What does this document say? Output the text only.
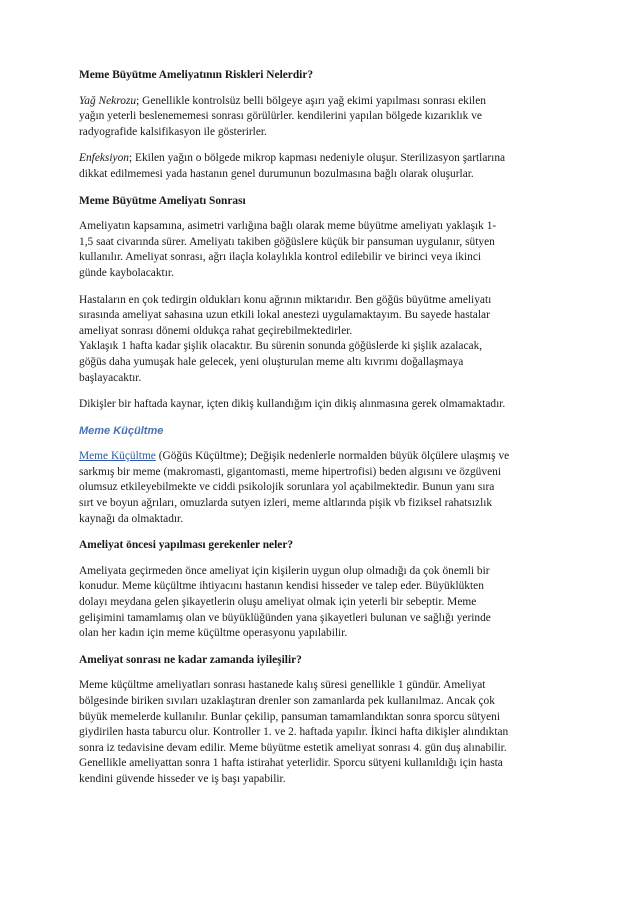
Meme Büyütme Ameliyatının Riskleri Nelerdir?
Yağ Nekrozu; Genellikle kontrolsüz belli bölgeye aşırı yağ ekimi yapılması sonrası ekilen
yağın yeterli beslenememesi sonrası görülürler. kendilerini yapılan bölgede kızarıklık ve
radyografide kalsifikasyon ile gösterirler.
Enfeksiyon; Ekilen yağın o bölgede mikrop kapması nedeniyle oluşur. Sterilizasyon şartlarına
dikkat edilmemesi yada hastanın genel durumunun bozulmasına bağlı olarak oluşurlar.
Meme Büyütme Ameliyatı Sonrası
Ameliyatın kapsamına, asimetri varlığına bağlı olarak meme büyütme ameliyatı yaklaşık 1-
1,5 saat civarında sürer. Ameliyatı takiben göğüslere küçük bir pansuman uygulanır, sütyen
kullanılır. Ameliyat sonrası, ağrı ilaçla kolaylıkla kontrol edilebilir ve birinci veya ikinci
günde kaybolacaktır.
Hastaların en çok tedirgin oldukları konu ağrının miktarıdır. Ben göğüs büyütme ameliyatı
sırasında ameliyat sahasına uzun etkili lokal anestezi uygulamaktayım. Bu sayede hastalar
ameliyat sonrası dönemi oldukça rahat geçirebilmektedirler.
Yaklaşık 1 hafta kadar şişlik olacaktır. Bu sürenin sonunda göğüslerde ki şişlik azalacak,
göğüs daha yumuşak hale gelecek, yeni oluşturulan meme altı kıvrımı doğallaşmaya
başlayacaktır.
Dikişler bir haftada kaynar, içten dikiş kullandığım için dikiş alınmasına gerek olmamaktadır.
Meme Küçültme
Meme Küçültme (Göğüs Küçültme); Değişik nedenlerle normalden büyük ölçülere ulaşmış ve
sarkmış bir meme (makromasti, gigantomasti, meme hipertrofisi) beden algısını ve özgüveni
olumsuz etkileyebilmekte ve ciddi psikolojik sorunlara yol açabilmektedir. Bunun yanı sıra
sırt ve boyun ağrıları, omuzlarda sutyen izleri, meme altlarında pişik vb fiziksel rahatsızlık
kaynağı da olmaktadır.
Ameliyat öncesi yapılması gerekenler neler?
Ameliyata geçirmeden önce ameliyat için kişilerin uygun olup olmadığı da çok önemli bir
konudur. Meme küçültme ihtiyacını hastanın kendisi hisseder ve talep eder. Büyüklükten
dolayı meydana gelen şikayetlerin oluşu ameliyat olmak için yeterli bir sebeptir. Meme
gelişimini tamamlamış olan ve büyüklüğünden yana şikayetleri bulunan ve sağlığı yerinde
olan her kadın için meme küçültme operasyonu yapılabilir.
Ameliyat sonrası ne kadar zamanda iyileşilir?
Meme küçültme ameliyatları sonrası hastanede kalış süresi genellikle 1 gündür. Ameliyat
bölgesinde biriken sıvıları uzaklaştıran drenler son zamanlarda pek kullanılmaz. Ancak çok
büyük memelerde kullanılır. Bunlar çekilip, pansuman tamamlandıktan sonra sporcu sütyeni
giydirilen hasta taburcu olur. Kontroller 1. ve 2. haftada yapılır. İkinci hafta dikişler alındıktan
sonra iz tedavisine devam edilir. Meme büyütme estetik ameliyat sonrası 4. gün duş alınabilir.
Genellikle ameliyattan sonra 1 hafta istirahat yeterlidir. Sporcu sütyeni kullanıldığı için hasta
kendini güvende hisseder ve iş başı yapabilir.
